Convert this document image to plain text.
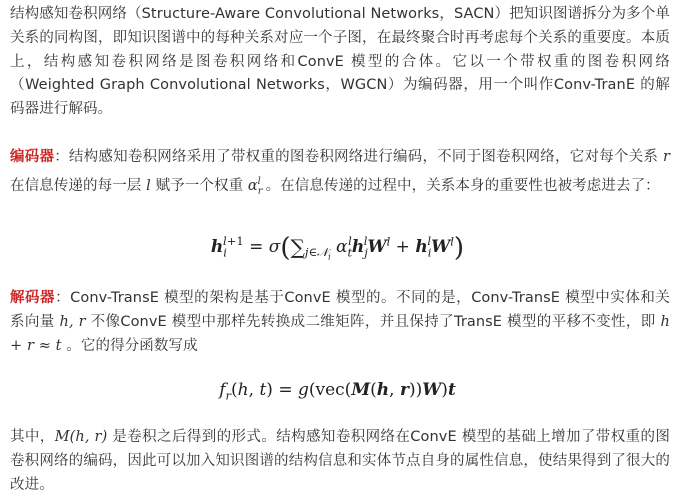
结构感知卷积网络（Structure-Aware Convolutional Networks，SACN）把知识图谱拆分为多个单关系的同构图，即知识图谱中的每种关系对应一个子图，在最终聚合时再考虑每个关系的重要度。本质上，结构感知卷积网络是图卷积网络和ConvE 模型的合体。它以一个带权重的图卷积网络（Weighted Graph Convolutional Networks，WGCN）为编码器，用一个叫作Conv-TranE 的解码器进行解码。

编码器：结构感知卷积网络采用了带权重的图卷积网络进行编码，不同于图卷积网络，它对每个关系 r 在信息传递的每一层 l 赋予一个权重 $\alpha_r^l$ 。在信息传递的过程中，关系本身的重要性也被考虑进去了：

$h_i^{l+1} = \sigma(\sum_{j\in 𝒩_i}$ $\alpha_t^lh_j^lW^l + h_i^lW^l$)

解码器：Conv-TransE 模型的架构是基于ConvE 模型的。不同的是，Conv-TransE 模型中实体和关系向量 h, r 不像ConvE 模型中那样先转换成二维矩阵，并且保持了TransE 模型的平移不变性，即 h + r ≈ t 。它的得分函数写成

$f_r(h$, t) = g(vec(M(h, r))W)t

其中，M(h, r) 是卷积之后得到的形式。结构感知卷积网络在ConvE 模型的基础上增加了带权重的图卷积网络的编码，因此可以加入知识图谱的结构信息和实体节点自身的属性信息，使结果得到了很大的改进。
